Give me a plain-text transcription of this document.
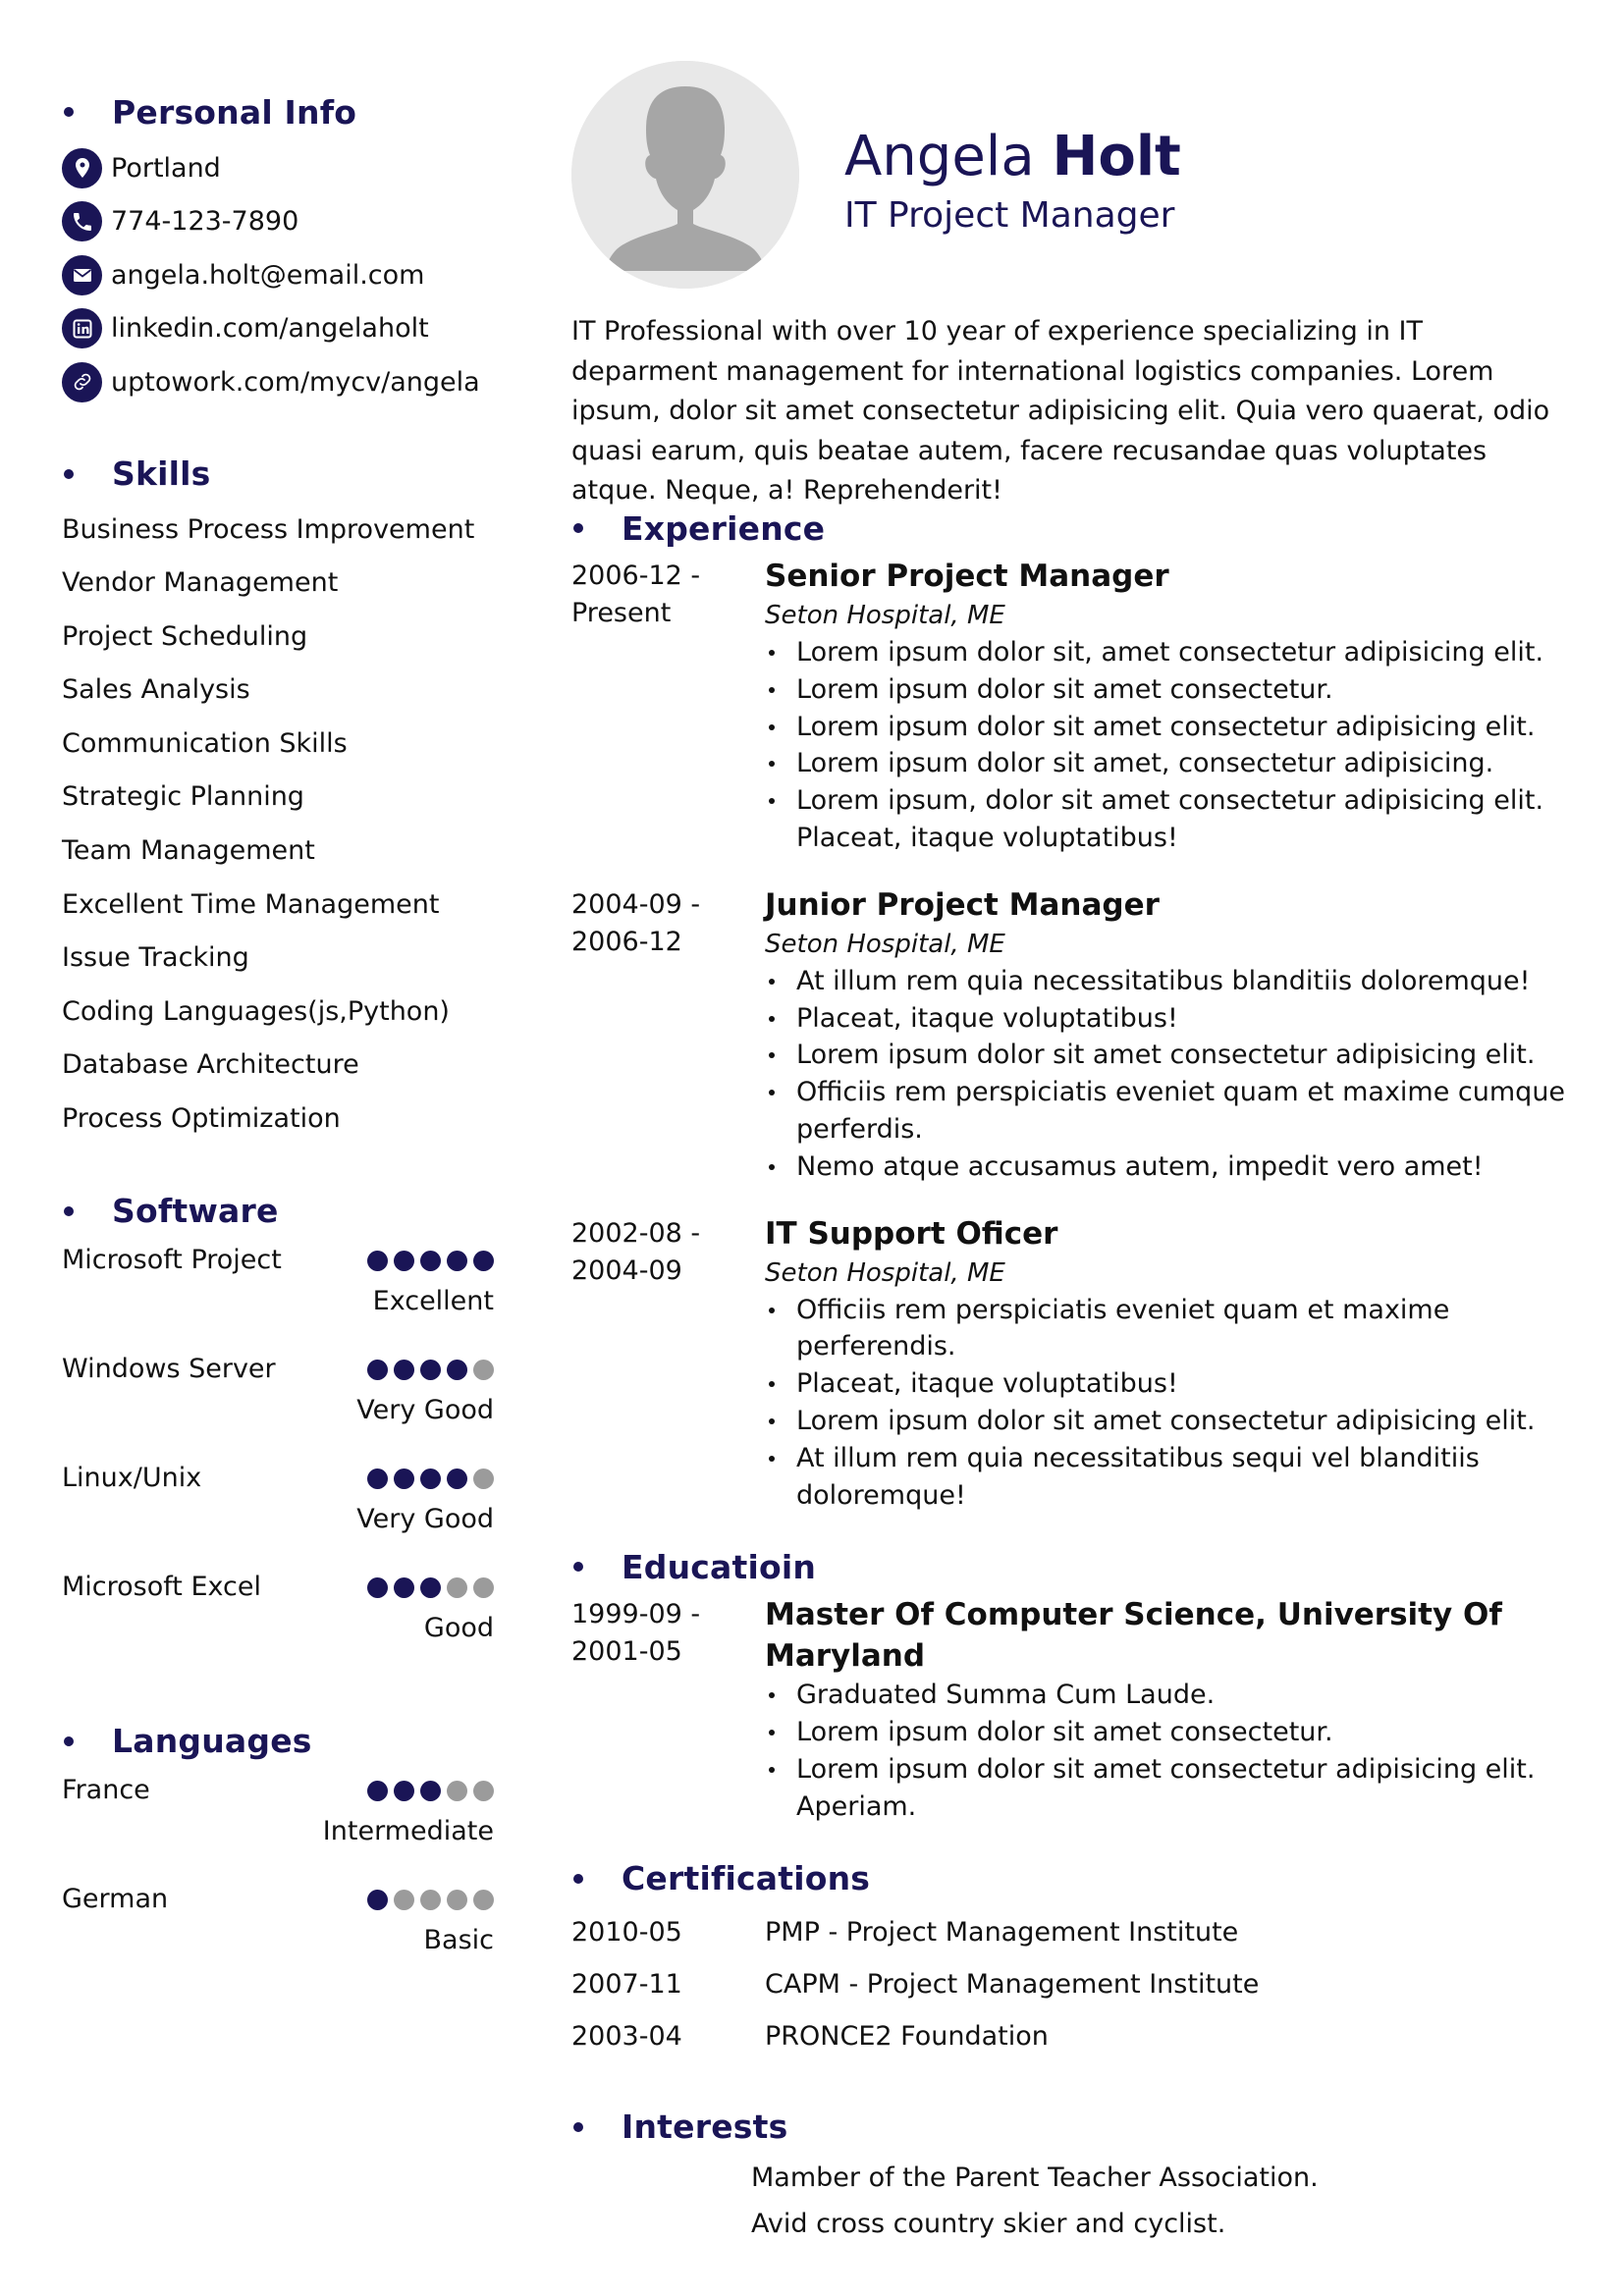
Personal Info
Portland
774-123-7890
angela.holt@email.com
linkedin.com/angelaholt
uptowork.com/mycv/angela
Skills
Business Process Improvement
Vendor Management
Project Scheduling
Sales Analysis
Communication Skills
Strategic Planning
Team Management
Excellent Time Management
Issue Tracking
Coding Languages(js,Python)
Database Architecture
Process Optimization
Software
Microsoft Project
Excellent
Windows Server
Very Good
Linux/Unix
Very Good
Microsoft Excel
Good
Languages
France
Intermediate
German
Basic
Angela Holt
IT Project Manager

IT Professional with over 10 year of experience specializing in IT deparment management for international logistics companies. Lorem ipsum, dolor sit amet consectetur adipisicing elit. Quia vero quaerat, odio quasi earum, quis beatae autem, facere recusandae quas voluptates atque. Neque, a! Reprehenderit!

Experience
2006-12 -
Present
Senior Project Manager
Seton Hospital, ME
Lorem ipsum dolor sit, amet consectetur adipisicing elit.
Lorem ipsum dolor sit amet consectetur.
Lorem ipsum dolor sit amet consectetur adipisicing elit.
Lorem ipsum dolor sit amet, consectetur adipisicing.
Lorem ipsum, dolor sit amet consectetur adipisicing elit. Placeat, itaque voluptatibus!
2004-09 -
2006-12
Junior Project Manager
Seton Hospital, ME
At illum rem quia necessitatibus blanditiis doloremque!
Placeat, itaque voluptatibus!
Lorem ipsum dolor sit amet consectetur adipisicing elit.
Officiis rem perspiciatis eveniet quam et maxime cumque perferdis.
Nemo atque accusamus autem, impedit vero amet!
2002-08 -
2004-09
IT Support Oficer
Seton Hospital, ME
Officiis rem perspiciatis eveniet quam et maxime perferendis.
Placeat, itaque voluptatibus!
Lorem ipsum dolor sit amet consectetur adipisicing elit.
At illum rem quia necessitatibus sequi vel blanditiis doloremque!
Educatioin
1999-09 -
2001-05
Master Of Computer Science, University Of Maryland
Graduated Summa Cum Laude.
Lorem ipsum dolor sit amet consectetur.
Lorem ipsum dolor sit amet consectetur adipisicing elit. Aperiam.
Certifications
2010-05	PMP - Project Management Institute
2007-11	CAPM - Project Management Institute
2003-04	PRONCE2 Foundation
Interests
Mamber of the Parent Teacher Association.
Avid cross country skier and cyclist.
